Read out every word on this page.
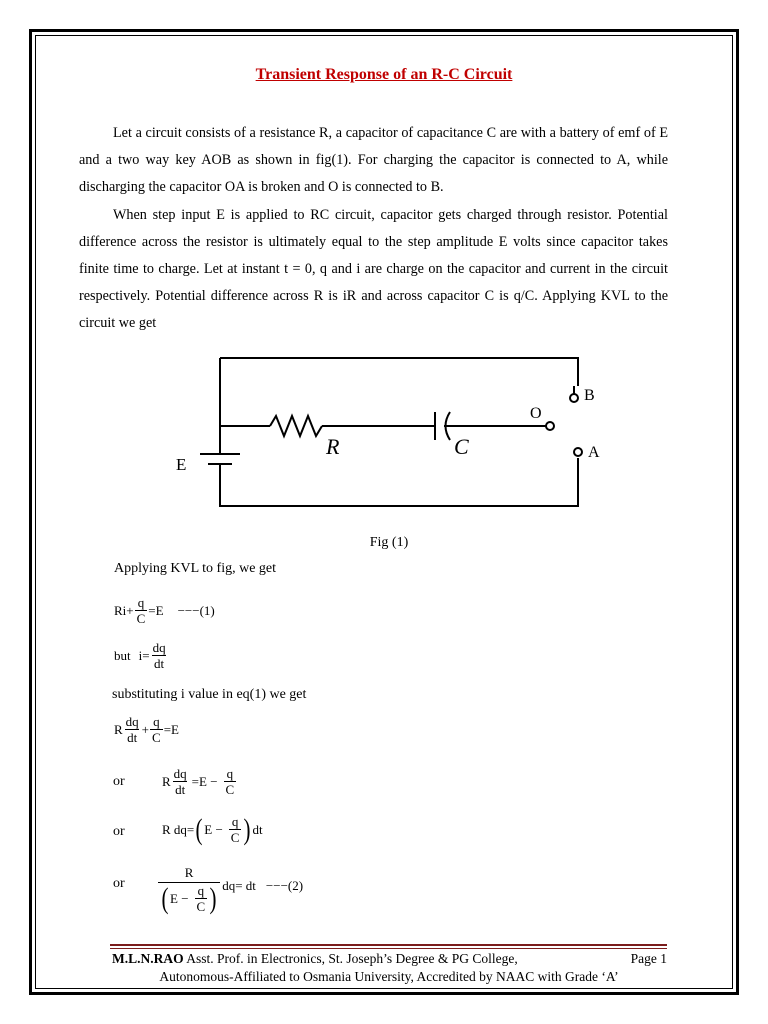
Transient Response of an R-C Circuit

Let a circuit consists of a resistance R, a capacitor of capacitance C are with a battery of emf of E and a two way key AOB as shown in fig(1). For charging the capacitor is connected to A, while discharging the capacitor OA is broken and O is connected to B.

When step input E is applied to RC circuit, capacitor gets charged through resistor. Potential difference across the resistor is ultimately equal to the step amplitude E volts since capacitor takes finite time to charge. Let at instant t = 0, q and i are charge on the capacitor and current in the circuit respectively. Potential difference across R is iR and across capacitor C is q/C. Applying KVL to the circuit we get

E
R	C
O
B
A
Fig (1)
Applying KVL to fig, we get
$Ri+ \frac{q}{C} =E ---(1)$
but $i= \frac{dq}{dt}$
substituting i value in eq(1) we get
R $\frac{dq}{dt} + \frac{q}{C} =E$
or	R $\frac{dq}{dt} =E - \frac{q}{C}$
or	R dq= ( $E - \frac{q}{C}$ ) dt
or
R
( $E - \frac{q}{C}$ ) dq= dt −−−(2)
M.L.N.RAO Asst. Prof. in Electronics, St. Joseph’s Degree & PG College,	Page 1
Autonomous-Affiliated to Osmania University, Accredited by NAAC with Grade ‘A’
